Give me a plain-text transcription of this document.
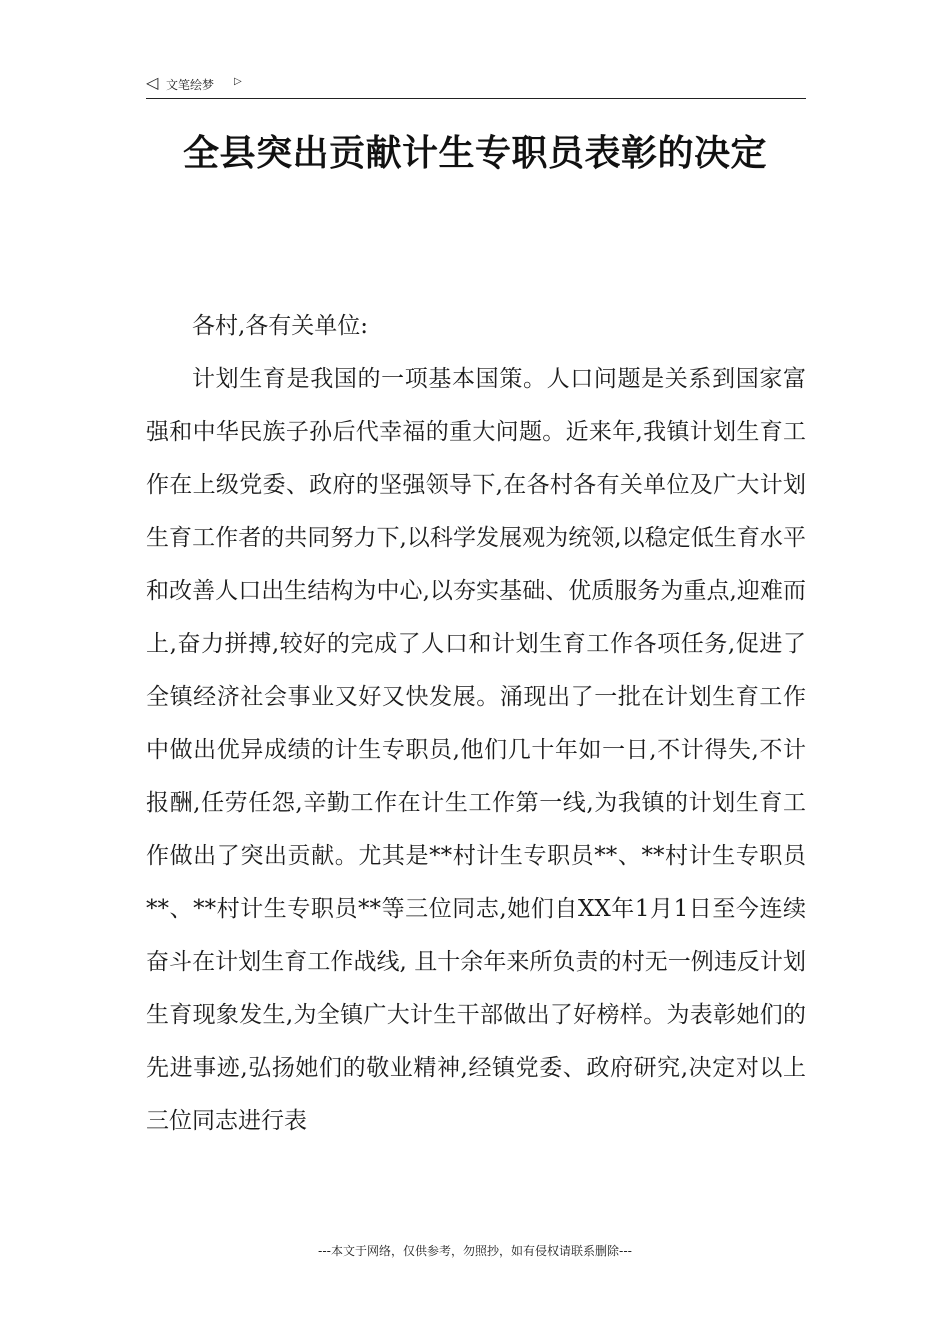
◁ 文笔绘梦 ▷
全县突出贡献计生专职员表彰的决定

各村,各有关单位:

计划生育是我国的一项基本国策。人口问题是关系到国家富强和中华民族子孙后代幸福的重大问题。近来年,我镇计划生育工作在上级党委、政府的坚强领导下,在各村各有关单位及广大计划生育工作者的共同努力下,以科学发展观为统领,以稳定低生育水平和改善人口出生结构为中心,以夯实基础、优质服务为重点,迎难而上,奋力拼搏,较好的完成了人口和计划生育工作各项任务,促进了全镇经济社会事业又好又快发展。涌现出了一批在计划生育工作中做出优异成绩的计生专职员,他们几十年如一日,不计得失,不计报酬,任劳任怨,辛勤工作在计生工作第一线,为我镇的计划生育工作做出了突出贡献。尤其是**村计生专职员**、**村计生专职员**、**村计生专职员**等三位同志,她们自XX年1月1日至今连续奋斗在计划生育工作战线, 且十余年来所负责的村无一例违反计划生育现象发生,为全镇广大计生干部做出了好榜样。为表彰她们的先进事迹,弘扬她们的敬业精神,经镇党委、政府研究,决定对以上三位同志进行表

---本文于网络，仅供参考，勿照抄，如有侵权请联系删除---
